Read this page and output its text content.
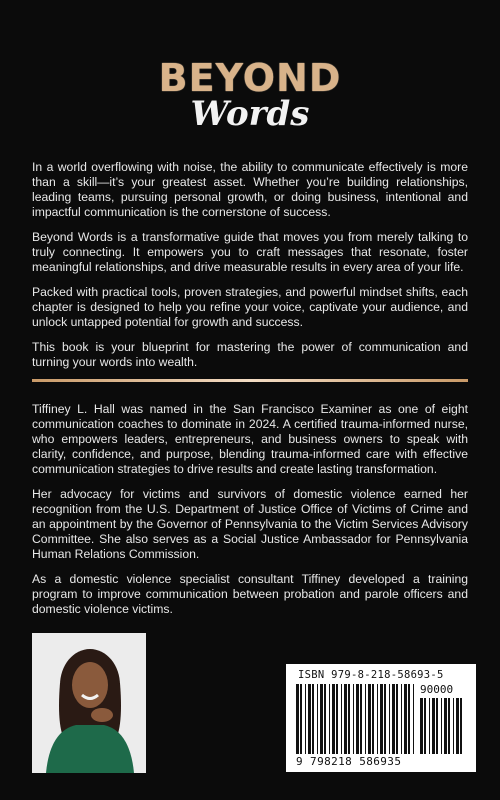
BEYOND
Words

In a world overflowing with noise, the ability to communicate effectively is more than a skill—it’s your greatest asset. Whether you’re building relationships, leading teams, pursuing personal growth, or doing business, intentional and impactful communication is the cornerstone of success.

Beyond Words is a transformative guide that moves you from merely talking to truly connecting. It empowers you to craft messages that resonate, foster meaningful relationships, and drive measurable results in every area of your life.

Packed with practical tools, proven strategies, and powerful mindset shifts, each chapter is designed to help you refine your voice, captivate your audience, and unlock untapped potential for growth and success.

This book is your blueprint for mastering the power of communication and turning your words into wealth.

Tiffiney L. Hall was named in the San Francisco Examiner as one of eight communication coaches to dominate in 2024. A certified trauma-informed nurse, who empowers leaders, entrepreneurs, and business owners to speak with clarity, confidence, and purpose, blending trauma-informed care with effective communication strategies to drive results and create lasting transformation.

Her advocacy for victims and survivors of domestic violence earned her recognition from the U.S. Department of Justice Office of Victims of Crime and an appointment by the Governor of Pennsylvania to the Victim Services Advisory Committee. She also serves as a Social Justice Ambassador for Pennsylvania Human Relations Commission.

As a domestic violence specialist consultant Tiffiney developed a training program to improve communication between probation and parole officers and domestic violence victims.

ISBN 979-8-218-58693-5
90000
9 798218 586935
